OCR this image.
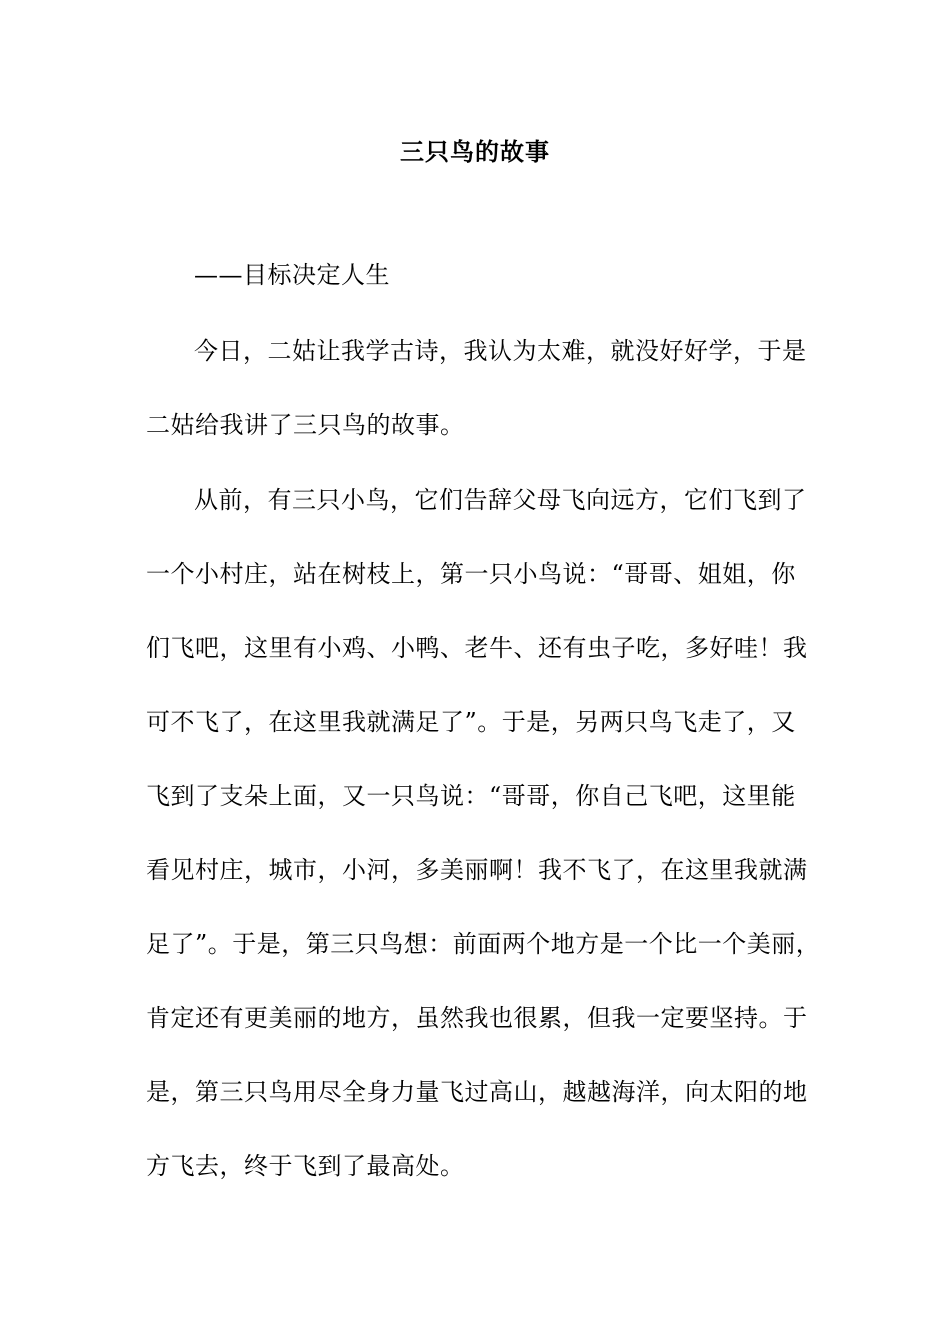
三只鸟的故事
——目标决定人生
今日，二姑让我学古诗，我认为太难，就没好好学，于是
二姑给我讲了三只鸟的故事。
从前，有三只小鸟，它们告辞父母飞向远方，它们飞到了
一个小村庄，站在树枝上，第一只小鸟说：“哥哥、姐姐，你
们飞吧，这里有小鸡、小鸭、老牛、还有虫子吃，多好哇！我
可不飞了，在这里我就满足了”。于是，另两只鸟飞走了，又
飞到了支朵上面，又一只鸟说：“哥哥，你自己飞吧，这里能
看见村庄，城市，小河，多美丽啊！我不飞了，在这里我就满
足了”。于是，第三只鸟想：前面两个地方是一个比一个美丽，
肯定还有更美丽的地方，虽然我也很累，但我一定要坚持。于
是，第三只鸟用尽全身力量飞过高山，越越海洋，向太阳的地
方飞去，终于飞到了最高处。
